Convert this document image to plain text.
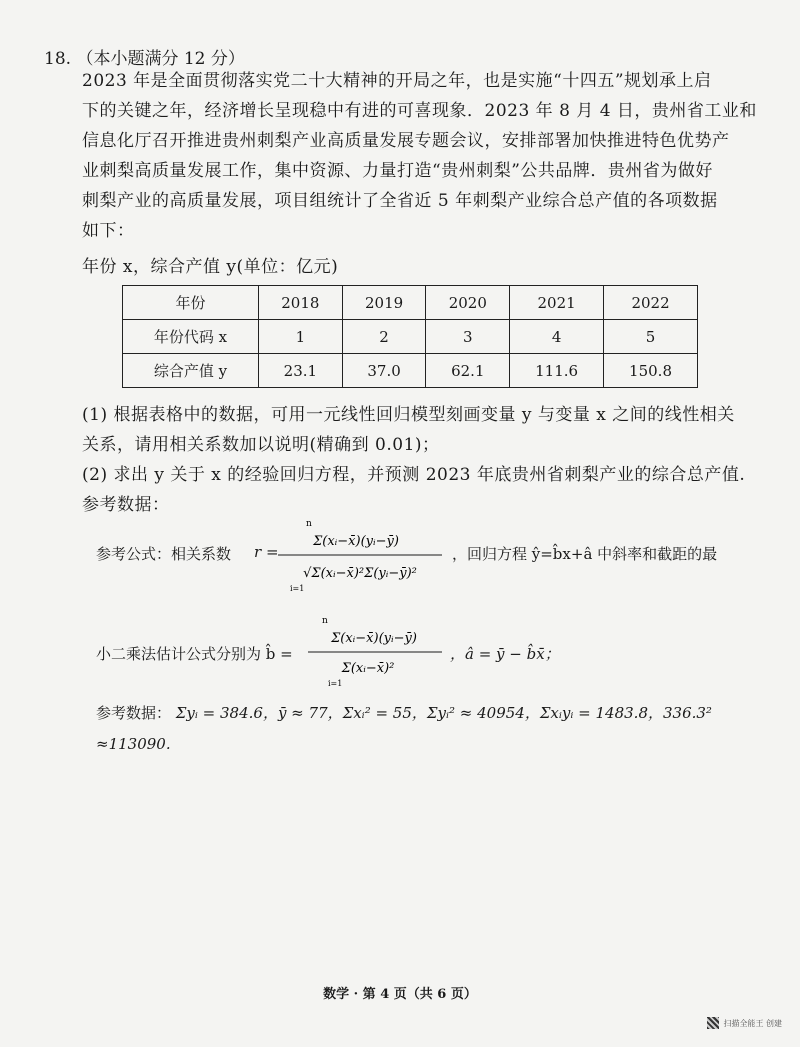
18. （本小题满分 12 分）
2023 年是全面贯彻落实党二十大精神的开局之年，也是实施“十四五”规划承上启
下的关键之年，经济增长呈现稳中有进的可喜现象．2023 年 8 月 4 日，贵州省工业和
信息化厅召开推进贵州刺梨产业高质量发展专题会议，安排部署加快推进特色优势产
业刺梨高质量发展工作，集中资源、力量打造“贵州刺梨”公共品牌．贵州省为做好
刺梨产业的高质量发展，项目组统计了全省近 5 年刺梨产业综合总产值的各项数据
如下：
年份 x，综合产值 y(单位：亿元)
年份	2018	2019	2020	2021	2022
年份代码 x	1	2	3	4	5
综合产值 y	23.1	37.0	62.1	111.6	150.8
(1) 根据表格中的数据，可用一元线性回归模型刻画变量 y 与变量 x 之间的线性相关
关系，请用相关系数加以说明(精确到 0.01)；
(2) 求出 y 关于 x 的经验回归方程，并预测 2023 年底贵州省刺梨产业的综合总产值.
参考数据：
参考公式：相关系数 r =
n
Σ(xᵢ−x̄)(yᵢ−ȳ)
√Σ(xᵢ−x̄)²Σ(yᵢ−ȳ)²
i=1
，回归方程 ŷ=b̂x+â 中斜率和截距的最
小二乘法估计公式分别为 b̂ =
n
Σ(xᵢ−x̄)(yᵢ−ȳ)
Σ(xᵢ−x̄)²
i=1
，â = ȳ − b̂x̄；
参考数据： Σyᵢ = 384.6，ȳ ≈ 77，Σxᵢ² = 55，Σyᵢ² ≈ 40954，Σxᵢyᵢ = 1483.8，336.3²
≈113090.
数学 · 第 4 页（共 6 页）
扫描全能王 创建
